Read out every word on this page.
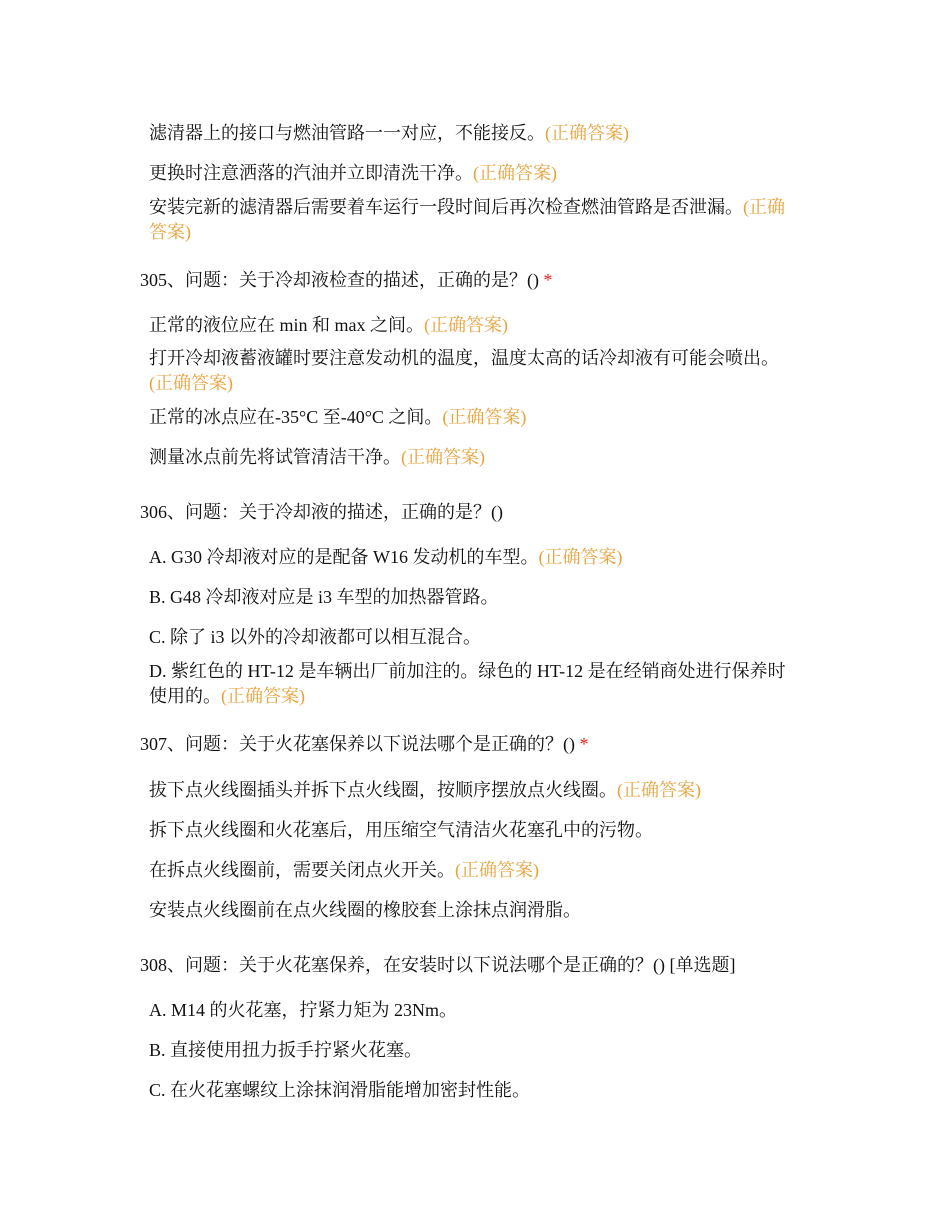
滤清器上的接口与燃油管路一一对应，不能接反。(正确答案)
更换时注意洒落的汽油并立即清洗干净。(正确答案)
安装完新的滤清器后需要着车运行一段时间后再次检查燃油管路是否泄漏。(正确答案)
305、问题：关于冷却液检查的描述，正确的是？() *
正常的液位应在 min 和 max 之间。(正确答案)
打开冷却液蓄液罐时要注意发动机的温度，温度太高的话冷却液有可能会喷出。(正确答案)
正常的冰点应在-35°C 至-40°C 之间。(正确答案)
测量冰点前先将试管清洁干净。(正确答案)
306、问题：关于冷却液的描述，正确的是？()
A. G30 冷却液对应的是配备 W16 发动机的车型。(正确答案)
B. G48 冷却液对应是 i3 车型的加热器管路。
C. 除了 i3 以外的冷却液都可以相互混合。
D. 紫红色的 HT-12 是车辆出厂前加注的。绿色的 HT-12 是在经销商处进行保养时使用的。(正确答案)
307、问题：关于火花塞保养以下说法哪个是正确的？() *
拔下点火线圈插头并拆下点火线圈，按顺序摆放点火线圈。(正确答案)
拆下点火线圈和火花塞后，用压缩空气清洁火花塞孔中的污物。
在拆点火线圈前，需要关闭点火开关。(正确答案)
安装点火线圈前在点火线圈的橡胶套上涂抹点润滑脂。
308、问题：关于火花塞保养，在安装时以下说法哪个是正确的？() [单选题]
A. M14 的火花塞，拧紧力矩为 23Nm。
B. 直接使用扭力扳手拧紧火花塞。
C. 在火花塞螺纹上涂抹润滑脂能增加密封性能。
